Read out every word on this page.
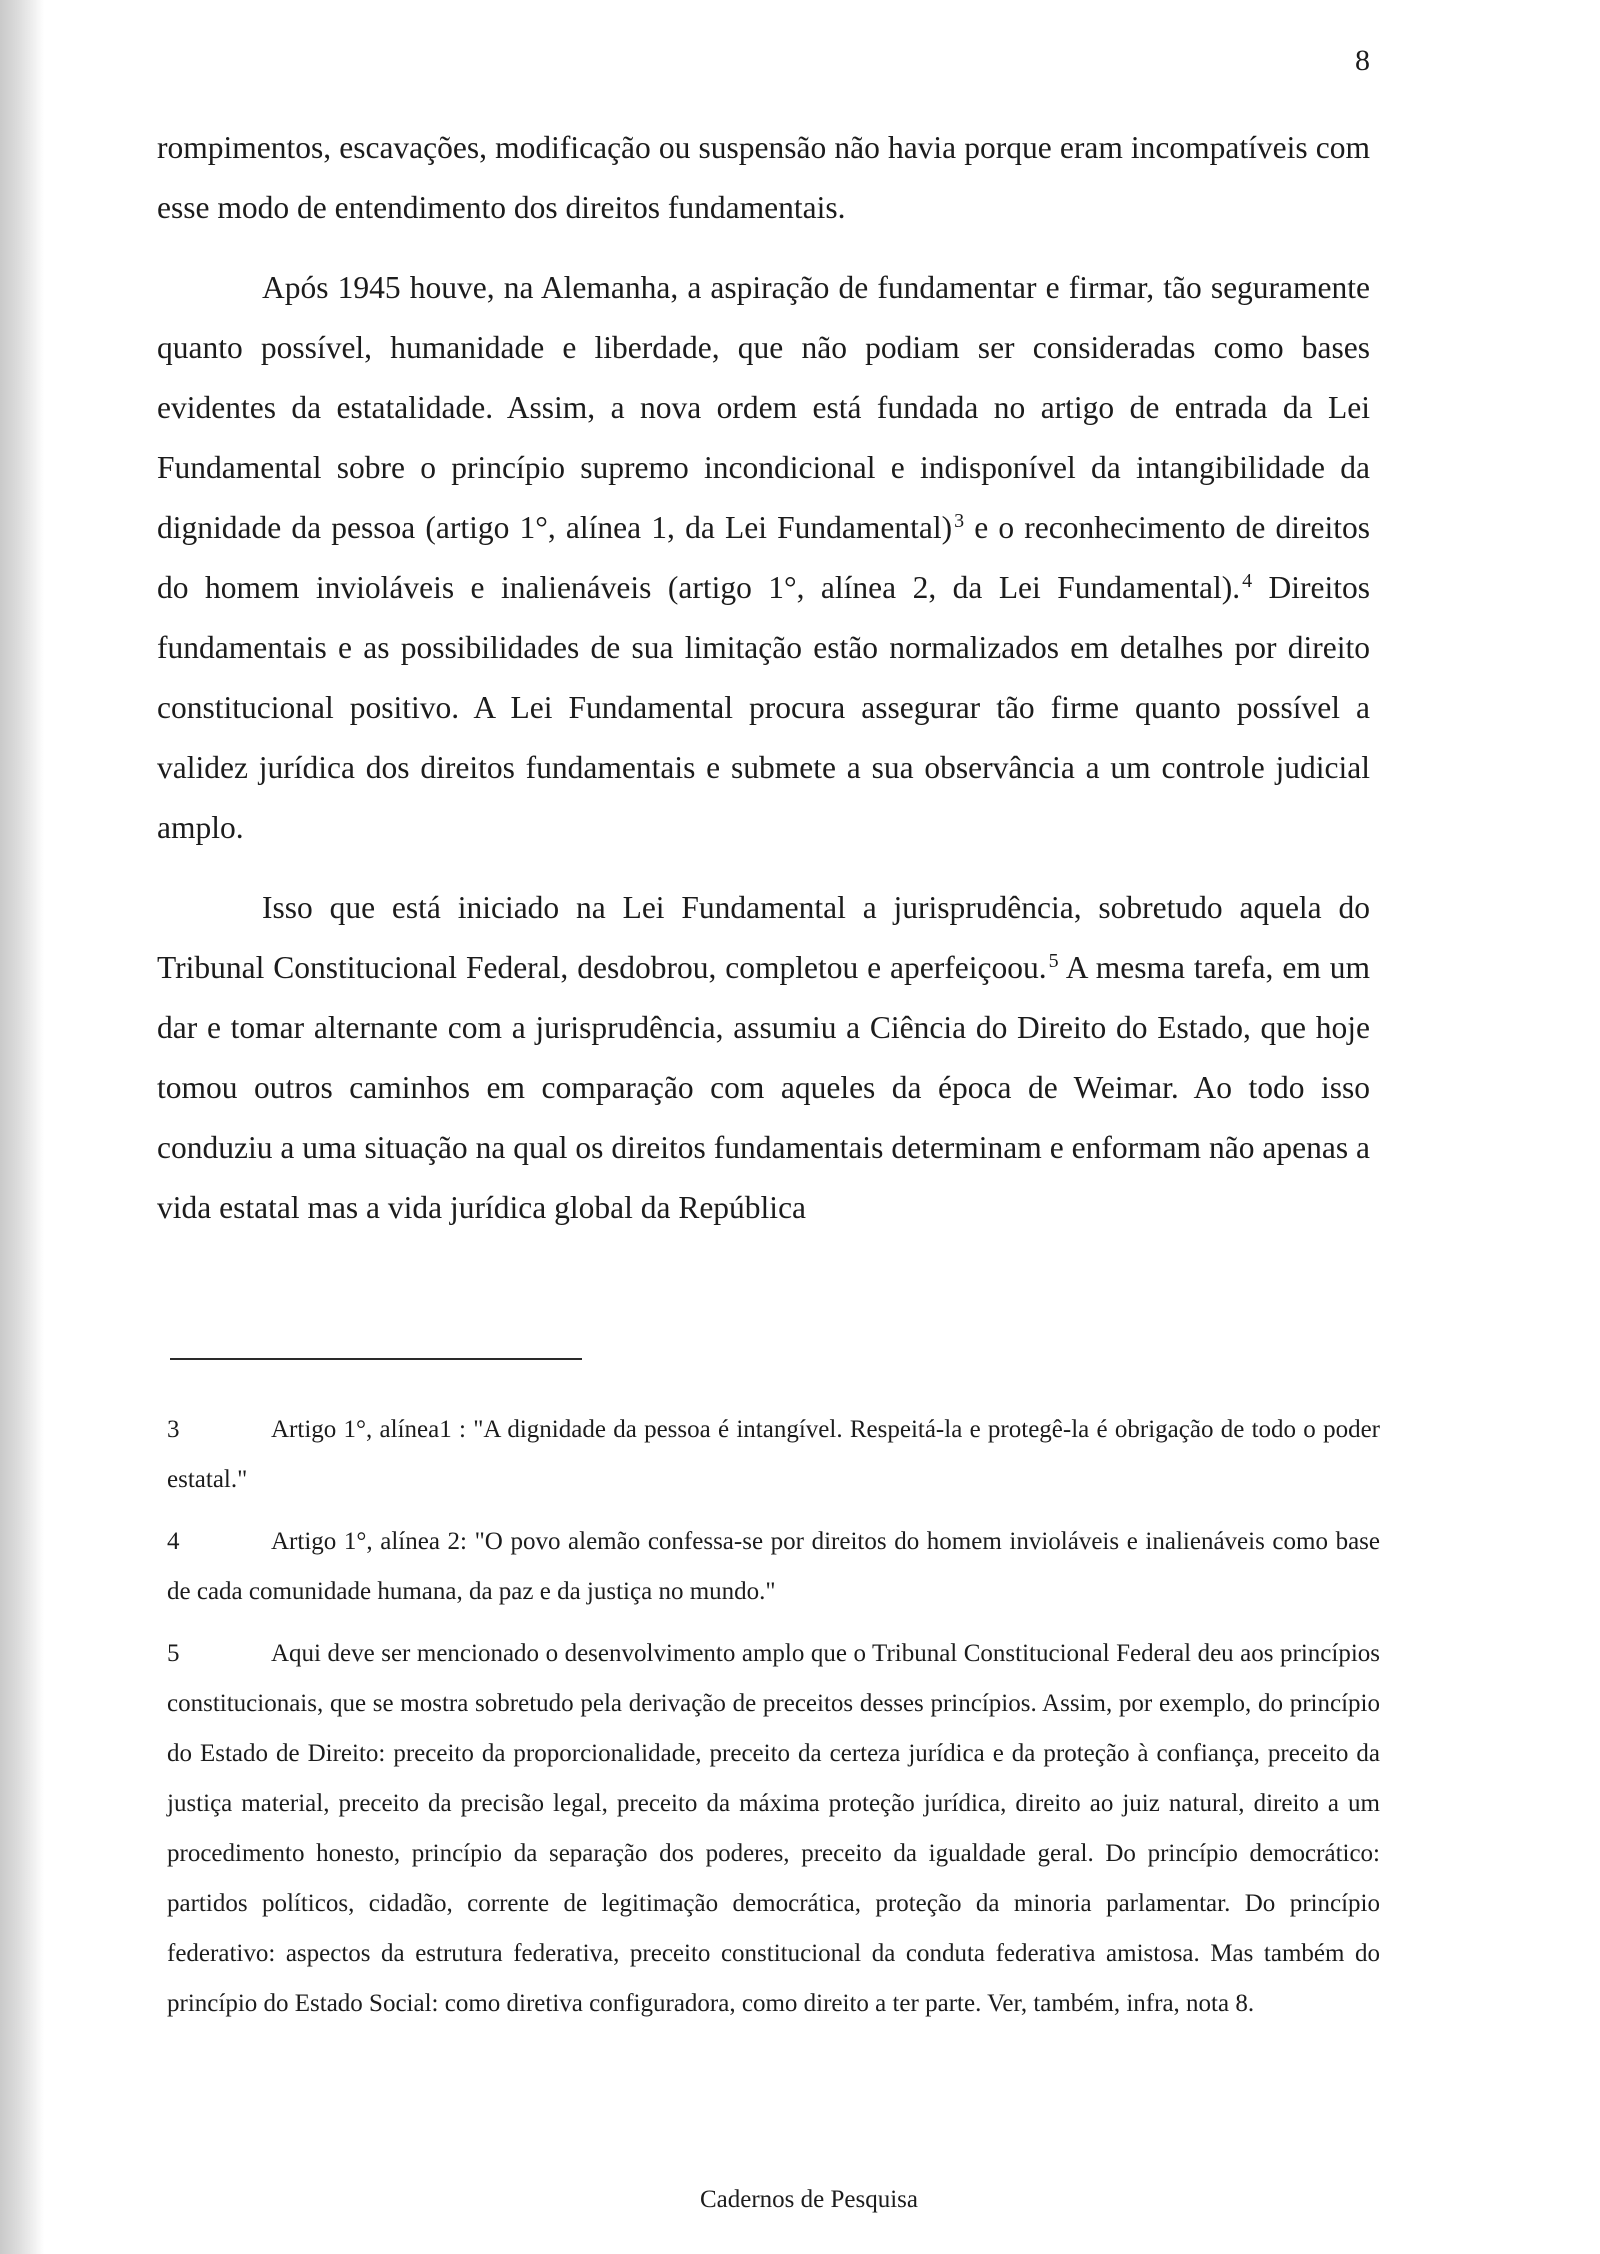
8

rompimentos, escavações, modificação ou suspensão não havia porque eram incompatíveis com esse modo de entendimento dos direitos fundamentais.

Após 1945 houve, na Alemanha, a aspiração de fundamentar e firmar, tão seguramente quanto possível, humanidade e liberdade, que não podiam ser consideradas como bases evidentes da estatalidade. Assim, a nova ordem está fundada no artigo de entrada da Lei Fundamental sobre o princípio supremo incondicional e indisponível da intangibilidade da dignidade da pessoa (artigo 1°, alínea 1, da Lei Fundamental) $^3$ e o reconhecimento de direitos do homem invioláveis e inalienáveis (artigo 1°, alínea 2, da Lei Fundamental). $^4$ Direitos fundamentais e as possibilidades de sua limitação estão normalizados em detalhes por direito constitucional positivo. A Lei Fundamental procura assegurar tão firme quanto possível a validez jurídica dos direitos fundamentais e submete a sua observância a um controle judicial amplo.

Isso que está iniciado na Lei Fundamental a jurisprudência, sobretudo aquela do Tribunal Constitucional Federal, desdobrou, completou e aperfeiçoou. $^5$ A mesma tarefa, em um dar e tomar alternante com a jurisprudência, assumiu a Ciência do Direito do Estado, que hoje tomou outros caminhos em comparação com aqueles da época de Weimar. Ao todo isso conduziu a uma situação na qual os direitos fundamentais determinam e enformam não apenas a vida estatal mas a vida jurídica global da República

3	Artigo 1°, alínea1 : "A dignidade da pessoa é intangível. Respeitá-la e protegê-la é obrigação de todo o poder estatal."
4	Artigo 1°, alínea 2: "O povo alemão confessa-se por direitos do homem invioláveis e inalienáveis como base de cada comunidade humana, da paz e da justiça no mundo."
5	Aqui deve ser mencionado o desenvolvimento amplo que o Tribunal Constitucional Federal deu aos princípios constitucionais, que se mostra sobretudo pela derivação de preceitos desses princípios. Assim, por exemplo, do princípio do Estado de Direito: preceito da proporcionalidade, preceito da certeza jurídica e da proteção à confiança, preceito da justiça material, preceito da precisão legal, preceito da máxima proteção jurídica, direito ao juiz natural, direito a um procedimento honesto, princípio da separação dos poderes, preceito da igualdade geral. Do princípio democrático: partidos políticos, cidadão, corrente de legitimação democrática, proteção da minoria parlamentar. Do princípio federativo: aspectos da estrutura federativa, preceito constitucional da conduta federativa amistosa. Mas também do princípio do Estado Social: como diretiva configuradora, como direito a ter parte. Ver, também, infra, nota 8.
Cadernos de Pesquisa
